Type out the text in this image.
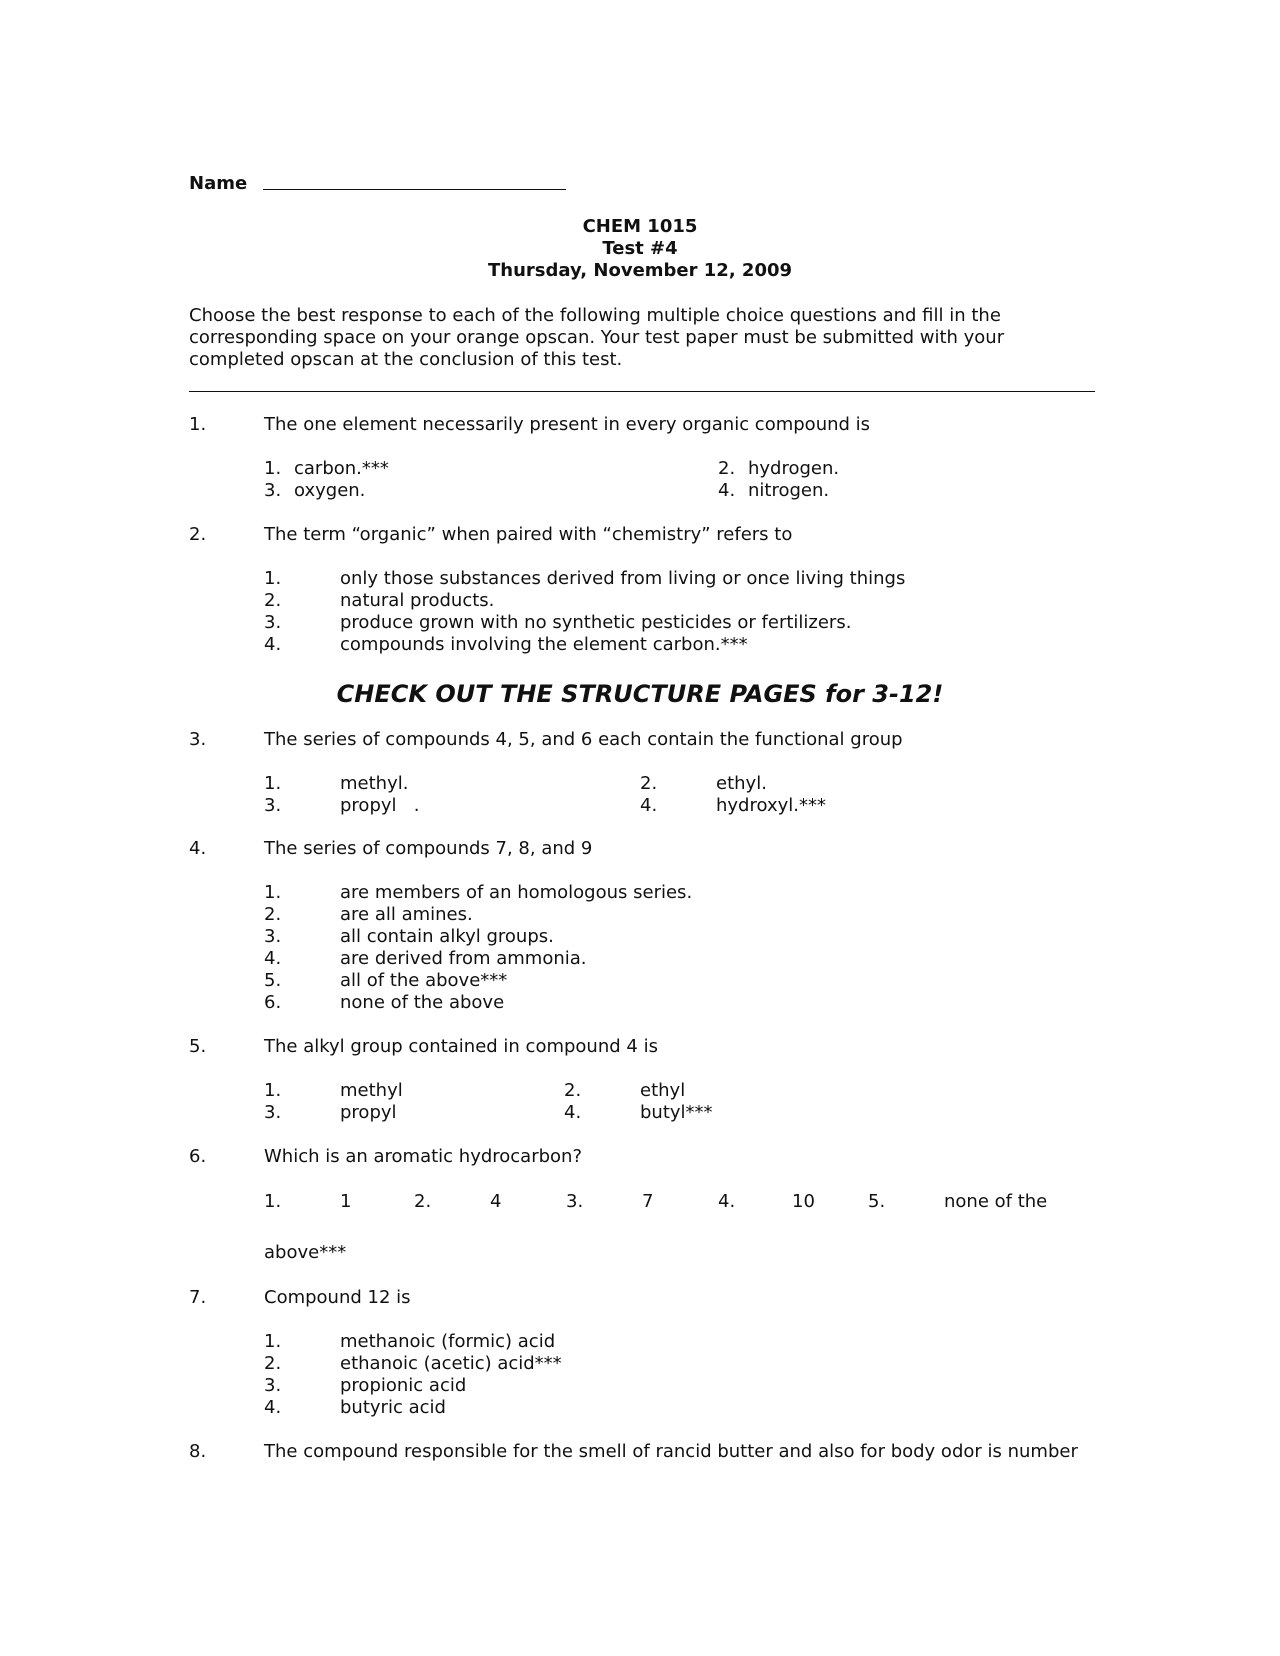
Name
CHEM 1015
Test #4
Thursday, November 12, 2009
Choose the best response to each of the following multiple choice questions and fill in the
corresponding space on your orange opscan. Your test paper must be submitted with your
completed opscan at the conclusion of this test.
1.	The one element necessarily present in every organic compound is
1. carbon.***	2. hydrogen.
3. oxygen.	4. nitrogen.
2.	The term “organic” when paired with “chemistry” refers to
1.	only those substances derived from living or once living things
2.	natural products.
3.	produce grown with no synthetic pesticides or fertilizers.
4.	compounds involving the element carbon.***
CHECK OUT THE STRUCTURE PAGES for 3-12!
3.	The series of compounds 4, 5, and 6 each contain the functional group
1.	methyl.	2.	ethyl.
3.	propyl   .	4.	hydroxyl.***
4.	The series of compounds 7, 8, and 9
1.	are members of an homologous series.
2.	are all amines.
3.	all contain alkyl groups.
4.	are derived from ammonia.
5.	all of the above***
6.	none of the above
5.	The alkyl group contained in compound 4 is
1.	methyl	2.	ethyl
3.	propyl	4.	butyl***
6.	Which is an aromatic hydrocarbon?
1.	1	2.	4	3.	7	4.	10	5.	none of the
above***
7.	Compound 12 is
1.	methanoic (formic) acid
2.	ethanoic (acetic) acid***
3.	propionic acid
4.	butyric acid
8.	The compound responsible for the smell of rancid butter and also for body odor is number
